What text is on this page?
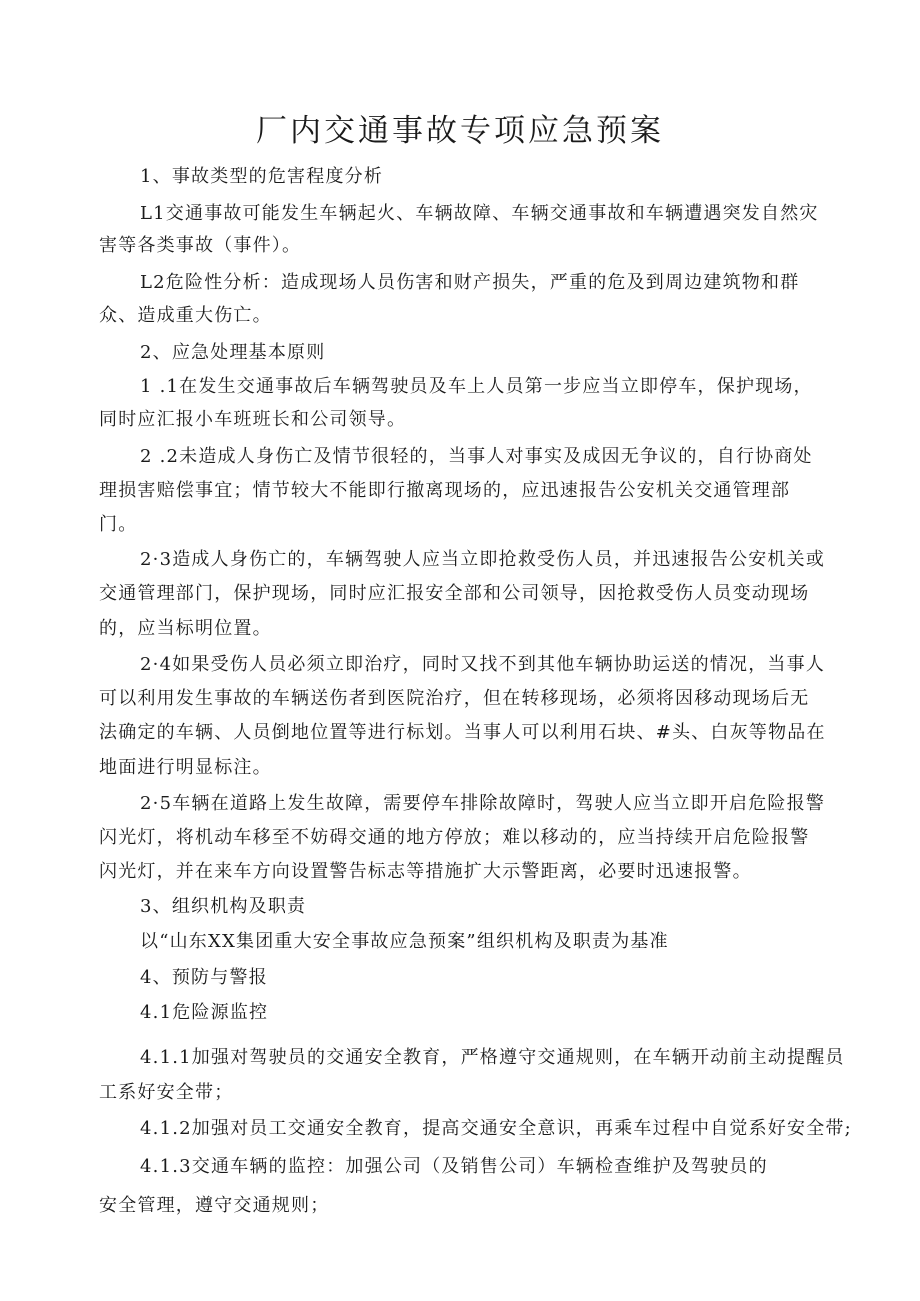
厂内交通事故专项应急预案
1、事故类型的危害程度分析
L1交通事故可能发生车辆起火、车辆故障、车辆交通事故和车辆遭遇突发自然灾
害等各类事故（事件）。
L2危险性分析：造成现场人员伤害和财产损失，严重的危及到周边建筑物和群
众、造成重大伤亡。
2、应急处理基本原则
1 .1在发生交通事故后车辆驾驶员及车上人员第一步应当立即停车，保护现场，
同时应汇报小车班班长和公司领导。
2 .2未造成人身伤亡及情节很轻的，当事人对事实及成因无争议的，自行协商处
理损害赔偿事宜；情节较大不能即行撤离现场的，应迅速报告公安机关交通管理部
门。
2·3造成人身伤亡的，车辆驾驶人应当立即抢救受伤人员，并迅速报告公安机关或
交通管理部门，保护现场，同时应汇报安全部和公司领导，因抢救受伤人员变动现场
的，应当标明位置。
2·4如果受伤人员必须立即治疗，同时又找不到其他车辆协助运送的情况，当事人
可以利用发生事故的车辆送伤者到医院治疗，但在转移现场，必须将因移动现场后无
法确定的车辆、人员倒地位置等进行标划。当事人可以利用石块、#头、白灰等物品在
地面进行明显标注。
2·5车辆在道路上发生故障，需要停车排除故障时，驾驶人应当立即开启危险报警
闪光灯，将机动车移至不妨碍交通的地方停放；难以移动的，应当持续开启危险报警
闪光灯，并在来车方向设置警告标志等措施扩大示警距离，必要时迅速报警。
3、组织机构及职责
以“山东XX集团重大安全事故应急预案”组织机构及职责为基准
4、预防与警报
4.1危险源监控
4.1.1加强对驾驶员的交通安全教育，严格遵守交通规则，在车辆开动前主动提醒员
工系好安全带；
4.1.2加强对员工交通安全教育，提高交通安全意识，再乘车过程中自觉系好安全带;
4.1.3交通车辆的监控：加强公司（及销售公司）车辆检查维护及驾驶员的
安全管理，遵守交通规则；
